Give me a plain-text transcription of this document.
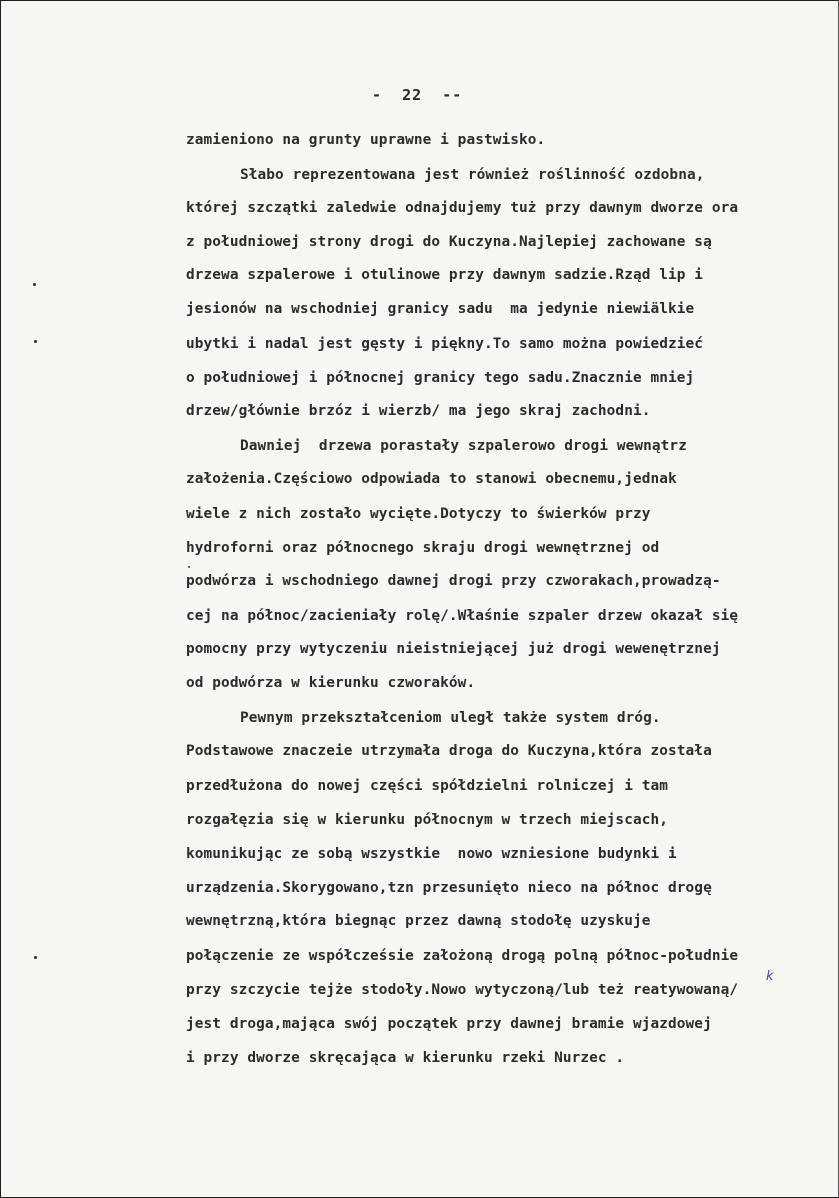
-  22  --
zamieniono na grunty uprawne i pastwisko.
Słabo reprezentowana jest również roślinność ozdobna,
której szczątki zaledwie odnajdujemy tuż przy dawnym dworze ora
z południowej strony drogi do Kuczyna.Najlepiej zachowane są
drzewa szpalerowe i otulinowe przy dawnym sadzie.Rząd lip i
jesionów na wschodniej granicy sadu  ma jedynie niewiälkie
ubytki i nadal jest gęsty i piękny.To samo można powiedzieć
o południowej i północnej granicy tego sadu.Znacznie mniej
drzew/głównie brzóz i wierzb/ ma jego skraj zachodni.
Dawniej  drzewa porastały szpalerowo drogi wewnątrz
założenia.Częściowo odpowiada to stanowi obecnemu,jednak
wiele z nich zostało wycięte.Dotyczy to świerków przy
hydroforni oraz północnego skraju drogi wewnętrznej od
podwórza i wschodniego dawnej drogi przy czworakach,prowadzą-
cej na północ/zacieniały rolę/.Właśnie szpaler drzew okazał się
pomocny przy wytyczeniu nieistniejącej już drogi wewenętrznej
od podwórza w kierunku czworaków.
Pewnym przekształceniom uległ także system dróg.
Podstawowe znaczeie utrzymała droga do Kuczyna,która została
przedłużona do nowej części spółdzielni rolniczej i tam
rozgałęzia się w kierunku północnym w trzech miejscach,
komunikując ze sobą wszystkie  nowo wzniesione budynki i
urządzenia.Skorygowano,tzn przesunięto nieco na północ drogę
wewnętrzną,która biegnąc przez dawną stodołę uzyskuje
połączenie ze współcześsie założoną drogą polną północ-południe
przy szczycie tejże stodoły.Nowo wytyczoną/lub też reatywowaną/
jest droga,mająca swój początek przy dawnej bramie wjazdowej
i przy dworze skręcająca w kierunku rzeki Nurzec .
k
